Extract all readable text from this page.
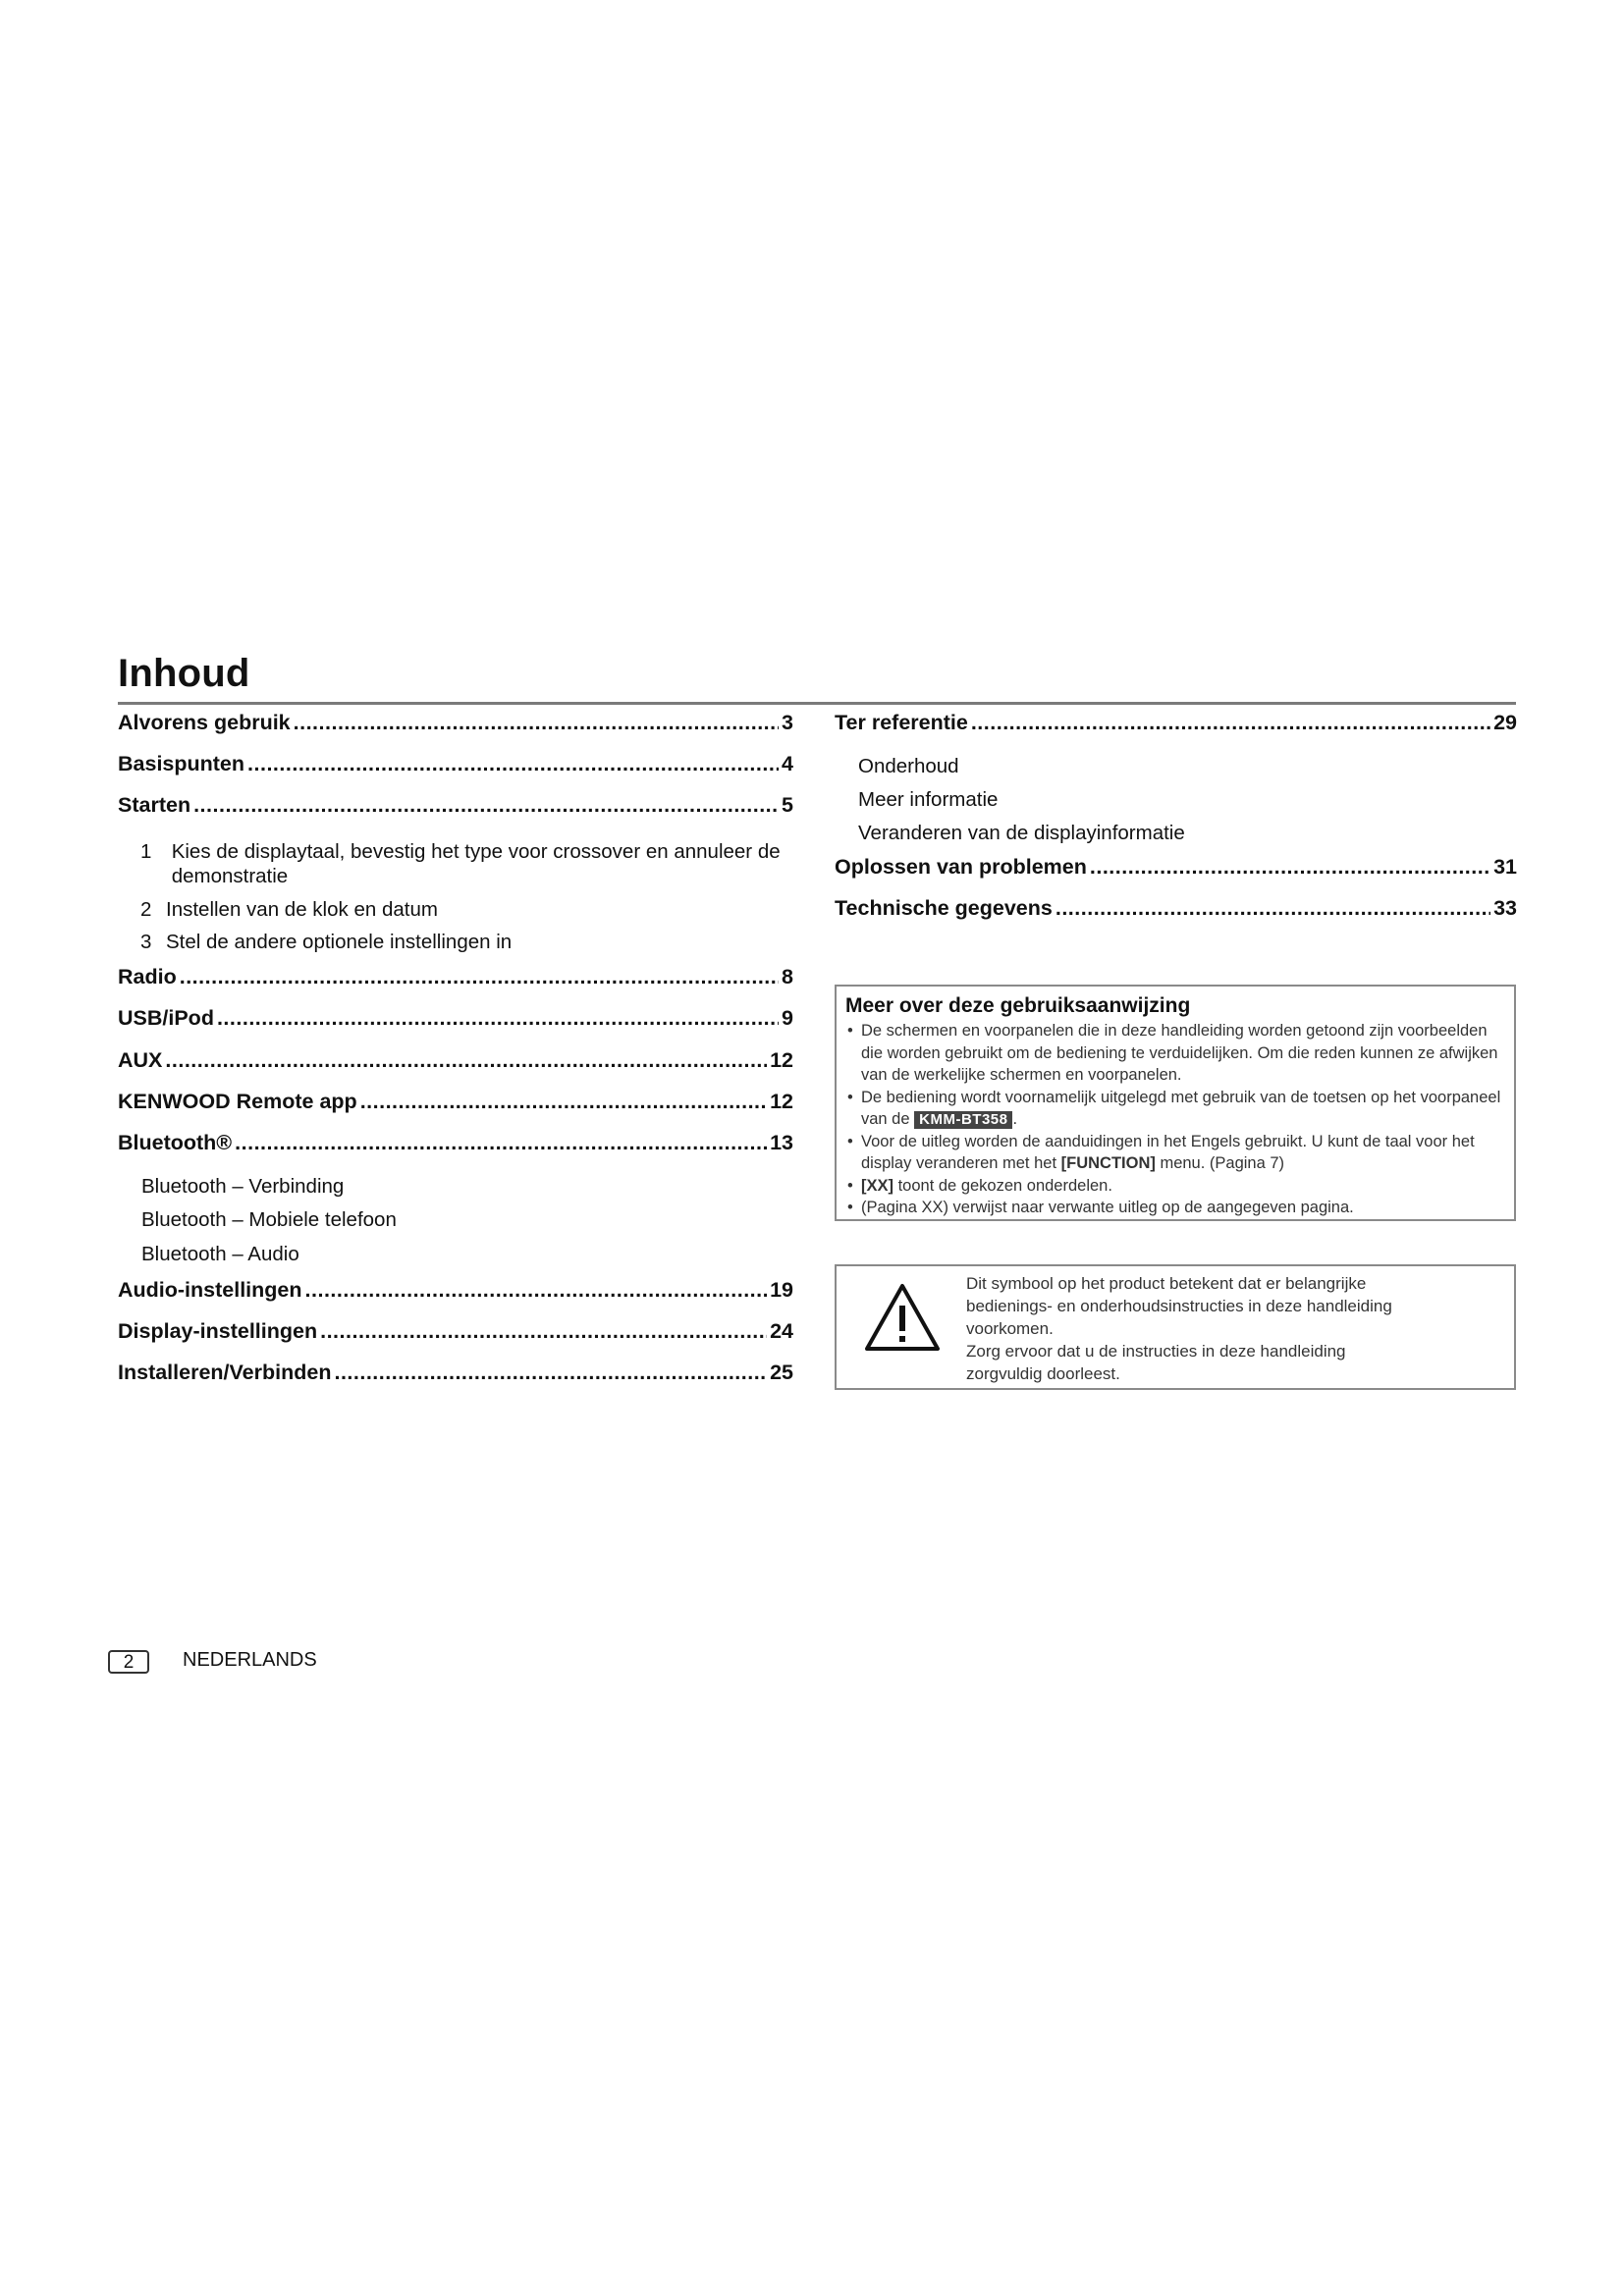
Inhoud
Alvorens gebruik .....	3
Basispunten .....	4
Starten .....	5
1 Kies de displaytaal, bevestig het type voor crossover en annuleer de demonstratie
2 Instellen van de klok en datum
3 Stel de andere optionele instellingen in
Radio .....	8
USB/iPod .....	9
AUX .....	12
KENWOOD Remote app .....	12
Bluetooth® .....	13
Bluetooth – Verbinding
Bluetooth – Mobiele telefoon
Bluetooth – Audio
Audio-instellingen .....	19
Display-instellingen .....	24
Installeren/Verbinden .....	25
Ter referentie .....	29
Onderhoud
Meer informatie
Veranderen van de displayinformatie
Oplossen van problemen .....	31
Technische gegevens .....	33
Meer over deze gebruiksaanwijzing
• De schermen en voorpanelen die in deze handleiding worden getoond zijn voorbeelden die worden gebruikt om de bediening te verduidelijken. Om die reden kunnen ze afwijken van de werkelijke schermen en voorpanelen.
• De bediening wordt voornamelijk uitgelegd met gebruik van de toetsen op het voorpaneel van de KMM-BT358 .
• Voor de uitleg worden de aanduidingen in het Engels gebruikt. U kunt de taal voor het display veranderen met het [FUNCTION] menu. (Pagina 7)
• [XX] toont de gekozen onderdelen.
• (Pagina XX) verwijst naar verwante uitleg op de aangegeven pagina.
Dit symbool op het product betekent dat er belangrijke
bedienings- en onderhoudsinstructies in deze handleiding
voorkomen.
Zorg ervoor dat u de instructies in deze handleiding
zorgvuldig doorleest.
2	NEDERLANDS
